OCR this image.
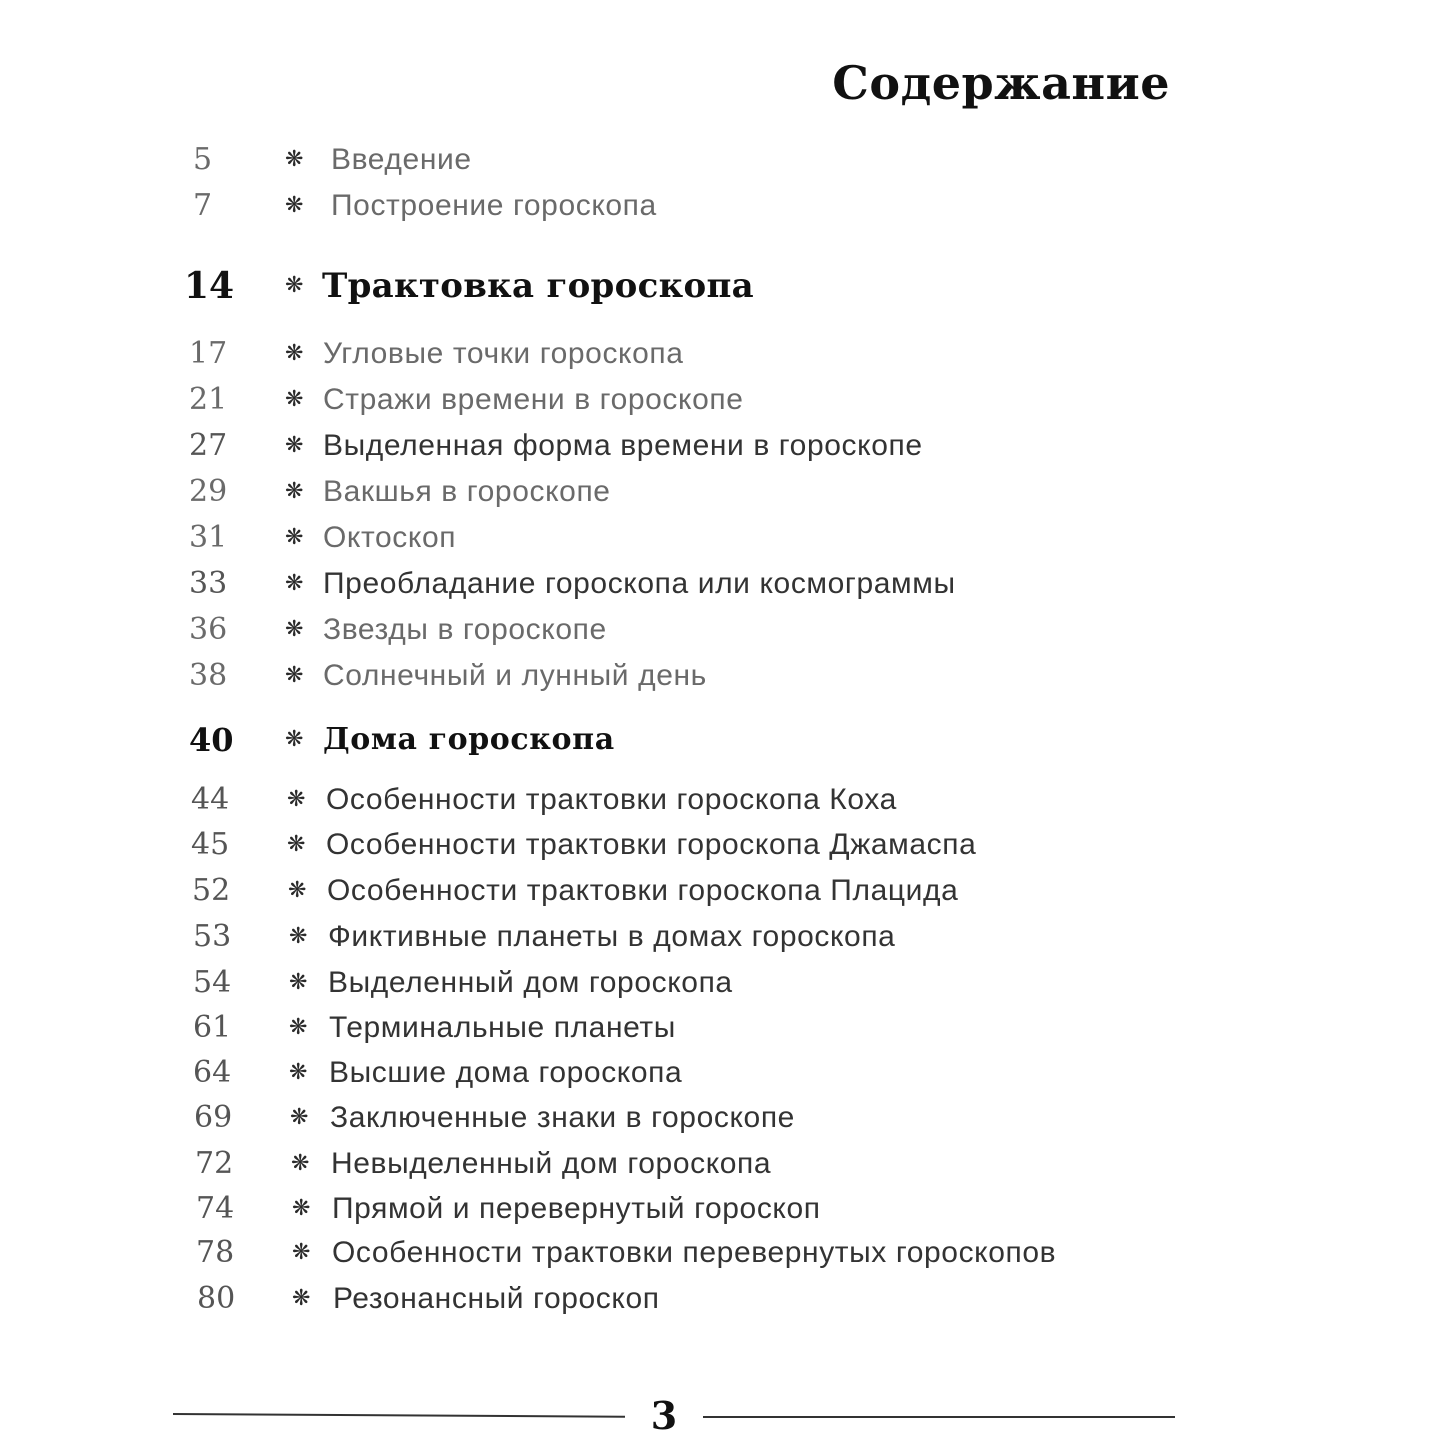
Содержание
5	❋ Введение
7	❋ Построение гороскопа
14	❋ Трактовка гороскопа
17	❋ Угловые точки гороскопа
21	❋ Стражи времени в гороскопе
27	❋ Выделенная форма времени в гороскопе
29	❋ Вакшья в гороскопе
31	❋ Октоскоп
33	❋ Преобладание гороскопа или космограммы
36	❋ Звезды в гороскопе
38	❋ Солнечный и лунный день
40	❋ Дома гороскопа
44	❋ Особенности трактовки гороскопа Коха
45	❋ Особенности трактовки гороскопа Джамаспа
52	❋ Особенности трактовки гороскопа Плацида
53	❋ Фиктивные планеты в домах гороскопа
54	❋ Выделенный дом гороскопа
61	❋ Терминальные планеты
64	❋ Высшие дома гороскопа
69	❋ Заключенные знаки в гороскопе
72	❋ Невыделенный дом гороскопа
74	❋ Прямой и перевернутый гороскоп
78	❋ Особенности трактовки перевернутых гороскопов
80	❋ Резонансный гороскоп
3
